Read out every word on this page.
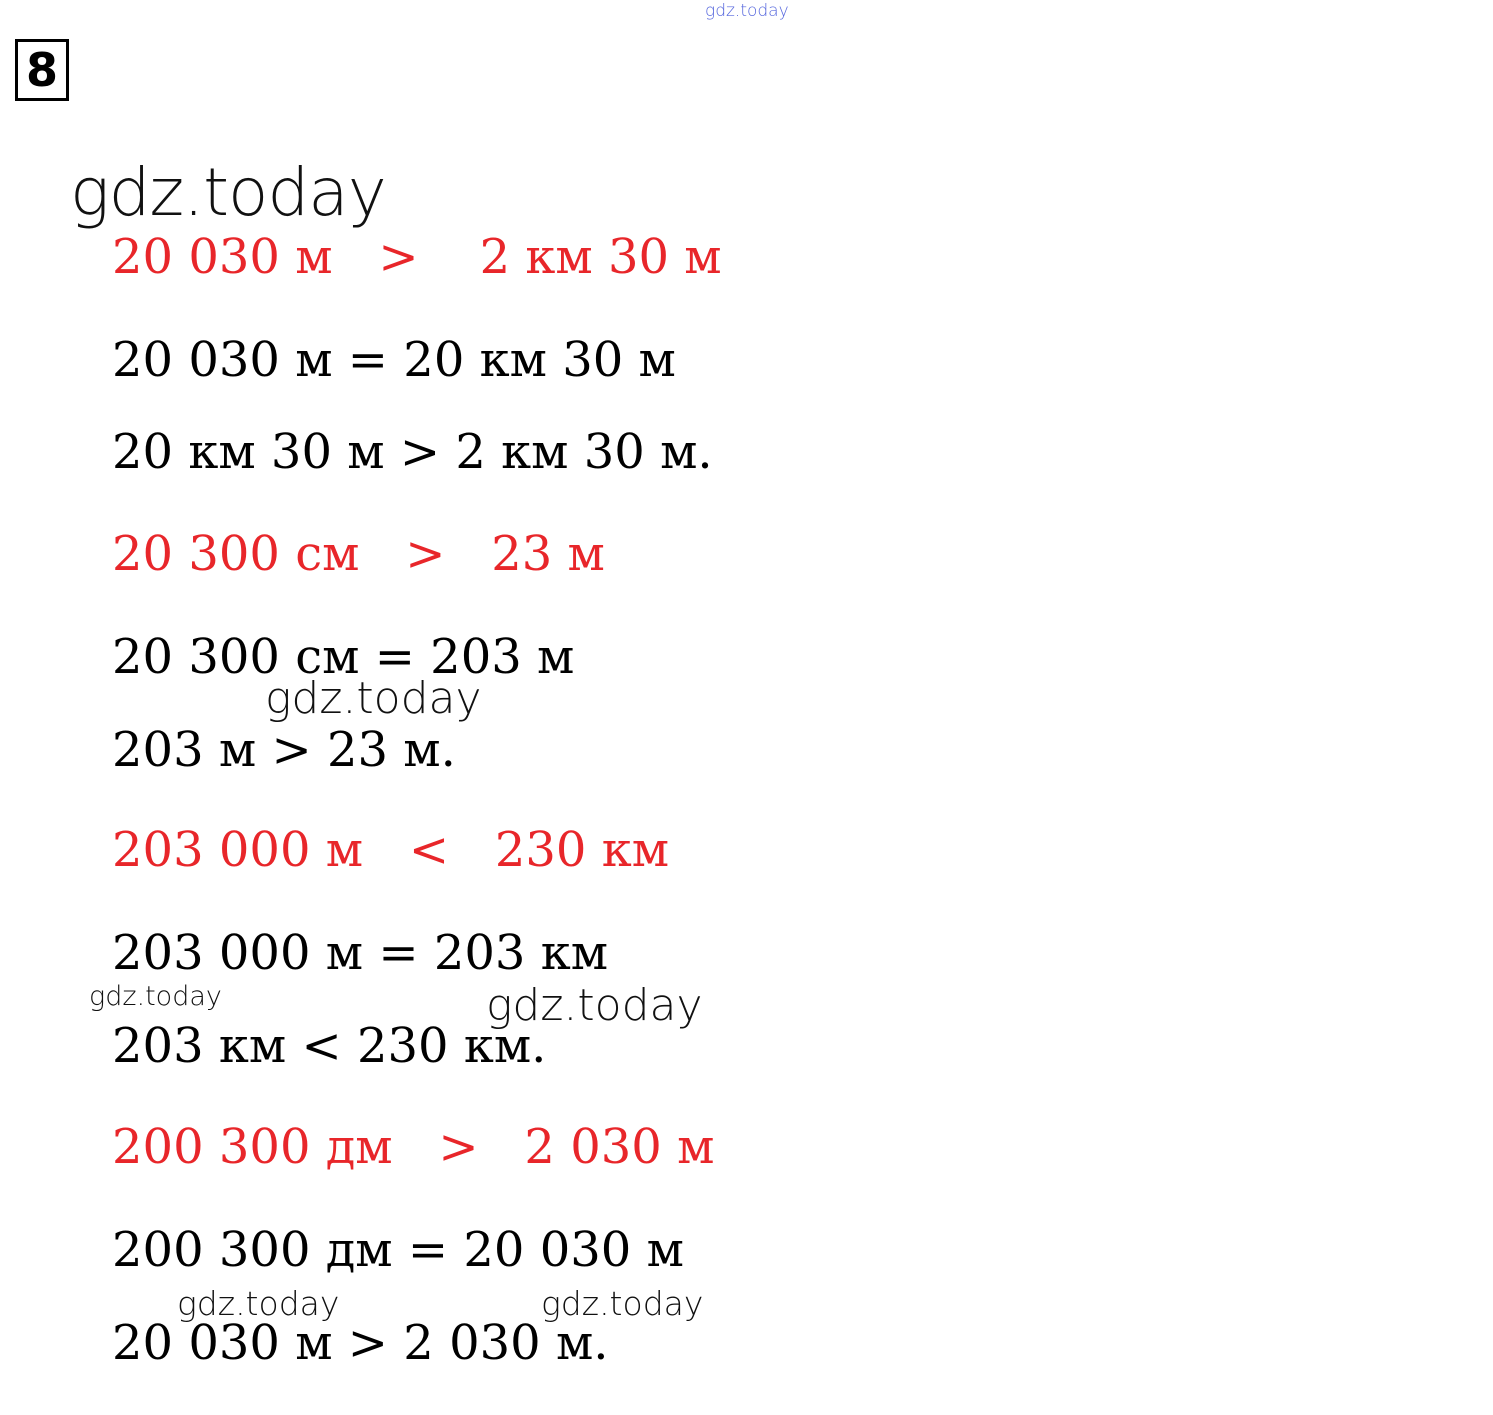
8

gdz.today

20 030 м   >    2 км 30 м

20 030 м = 20 км 30 м

20 км 30 м > 2 км 30 м.

20 300 см   >   23 м

20 300 см = 203 м

203 м > 23 м.

203 000 м   <   230 км

203 000 м = 203 км

203 км < 230 км.

200 300 дм   >   2 030 м

200 300 дм = 20 030 м

20 030 м > 2 030 м.

gdz.today

gdz.today

gdz.today

gdz.today

gdz.today	gdz.today
